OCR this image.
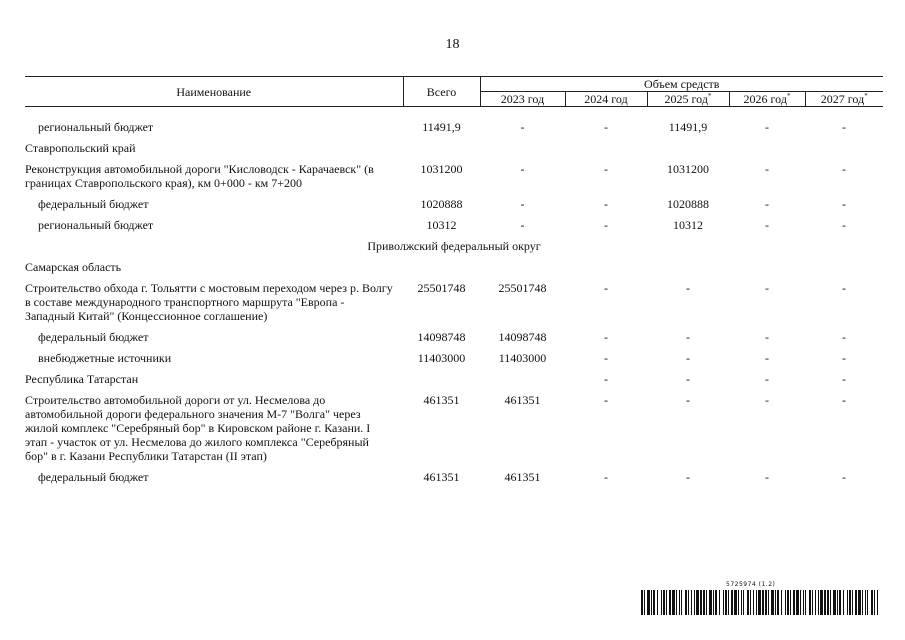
18
Наименование	Всего	Объем средств				
		2023 год	2024 год	2025 год*	2026 год*	2027 год*

региональный бюджет	11491,9	-	-	11491,9	-	-
Ставропольский край						
Реконструкция автомобильной дороги "Кисловодск - Карачаевск" (в границах Ставропольского края), км 0+000 - км 7+200	1031200	-	-	1031200	-	-
федеральный бюджет	1020888	-	-	1020888	-	-
региональный бюджет	10312	-	-	10312	-	-
Приволжский федеральный округ						
Самарская область						
Строительство обхода г. Тольятти с мостовым переходом через р. Волгу в составе международного транспортного маршрута "Европа - Западный Китай" (Концессионное соглашение)	25501748	25501748	-	-	-	-
федеральный бюджет	14098748	14098748	-	-	-	-
внебюджетные источники	11403000	11403000	-	-	-	-
Республика Татарстан			-	-	-	-
Строительство автомобильной дороги от ул. Несмелова до автомобильной дороги федерального значения М-7 "Волга" через жилой комплекс "Серебряный бор" в Кировском районе г. Казани. I этап - участок от ул. Несмелова до жилого комплекса "Серебряный бор" в г. Казани Республики Татарстан (II этап)	461351	461351	-	-	-	-
федеральный бюджет	461351	461351	-	-	-	-
5725974 (1.2)
